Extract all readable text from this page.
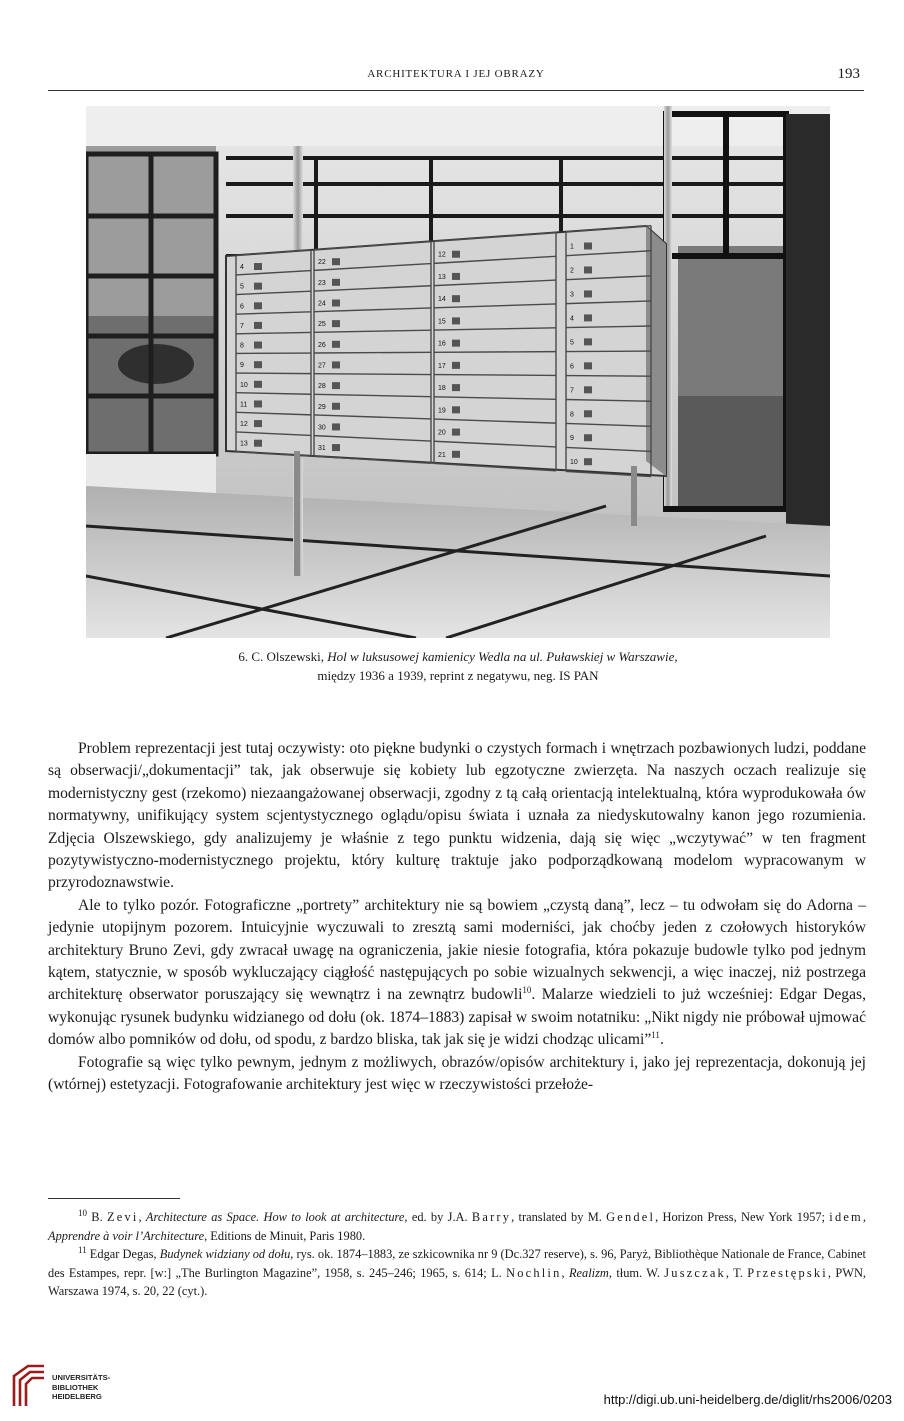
ARCHITEKTURA I JEJ OBRAZY	193
4
5
6
7
8
9
10
11
12
13
22
23
24
25
26
27
28
29
30
31
12
13
14
15
16
17
18
19
20
21
1
2
3
4
5
6
7
8
9
10
6. C. Olszewski, Hol w luksusowej kamienicy Wedla na ul. Puławskiej w Warszawie,
między 1936 a 1939, reprint z negatywu, neg. IS PAN

Problem reprezentacji jest tutaj oczywisty: oto piękne budynki o czystych formach i wnętrzach pozbawionych ludzi, poddane są obserwacji/„dokumentacji” tak, jak obserwuje się kobiety lub egzotyczne zwierzęta. Na naszych oczach realizuje się modernistyczny gest (rzekomo) niezaangażowanej obserwacji, zgodny z tą całą orientacją intelektualną, która wyprodukowała ów normatywny, unifikujący system scjentystycznego oglądu/opisu świata i uznała za niedyskutowalny kanon jego rozumienia. Zdjęcia Olszewskiego, gdy analizujemy je właśnie z tego punktu widzenia, dają się więc „wczytywać” w ten fragment pozytywistyczno-modernistycznego projektu, który kulturę traktuje jako podporządkowaną modelom wypracowanym w przyrodoznawstwie.

Ale to tylko pozór. Fotograficzne „portrety” architektury nie są bowiem „czystą daną”, lecz – tu odwołam się do Adorna – jedynie utopijnym pozorem. Intuicyjnie wyczuwali to zresztą sami moderniści, jak choćby jeden z czołowych historyków architektury Bruno Zevi, gdy zwracał uwagę na ograniczenia, jakie niesie fotografia, która pokazuje budowle tylko pod jednym kątem, statycznie, w sposób wykluczający ciągłość następujących po sobie wizualnych sekwencji, a więc inaczej, niż postrzega architekturę obserwator poruszający się wewnątrz i na zewnątrz budowli$^{10}$. Malarze wiedzieli to już wcześniej: Edgar Degas, wykonując rysunek budynku widzianego od dołu (ok. 1874–1883) zapisał w swoim notatniku: „Nikt nigdy nie próbował ujmować domów albo pomników od dołu, od spodu, z bardzo bliska, tak jak się je widzi chodząc ulicami”$^{11}$.

Fotografie są więc tylko pewnym, jednym z możliwych, obrazów/opisów architektury i, jako jej reprezentacja, dokonują jej (wtórnej) estetyzacji. Fotografowanie architektury jest więc w rzeczywistości przełoże-

$^{10}$ B. Zevi, Architecture as Space. How to look at architecture, ed. by J.A. Barry, translated by M. Gendel, Horizon Press, New York 1957; idem, Apprendre à voir l’Architecture, Editions de Minuit, Paris 1980.

$^{11}$ Edgar Degas, Budynek widziany od dołu, rys. ok. 1874–1883, ze szkicownika nr 9 (Dc.327 reserve), s. 96, Paryż, Bibliothèque Nationale de France, Cabinet des Estampes, repr. [w:] „The Burlington Magazine”, 1958, s. 245–246; 1965, s. 614; L. Nochlin, Realizm, tłum. W. Juszczak, T. Przestępski, PWN, Warszawa 1974, s. 20, 22 (cyt.).

UNIVERSITÄTS-
BIBLIOTHEK
HEIDELBERG	http://digi.ub.uni-heidelberg.de/diglit/rhs2006/0203
